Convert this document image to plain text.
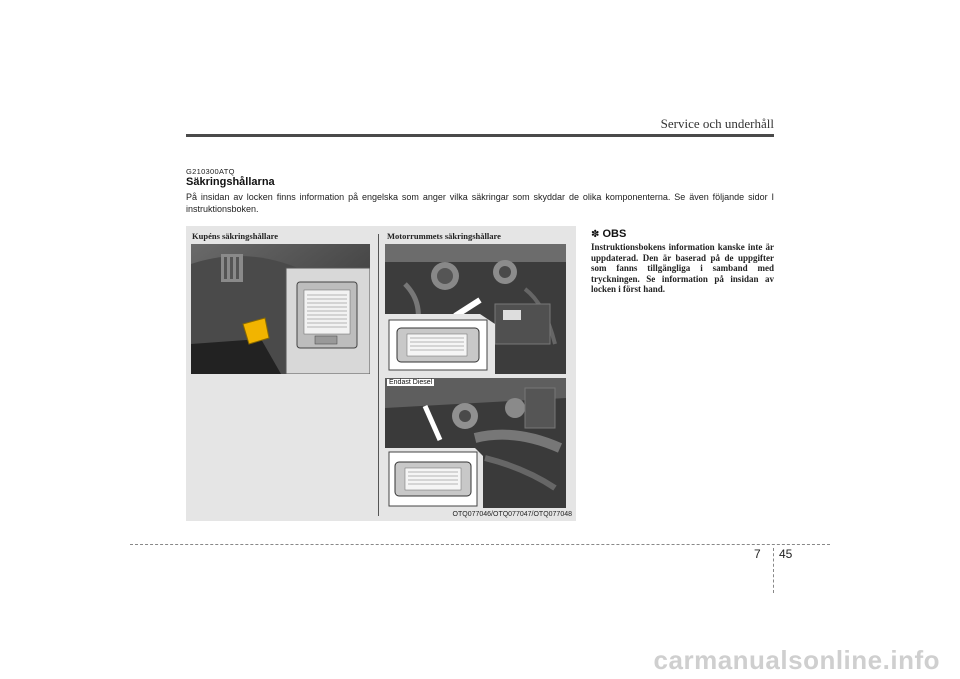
Service och underhåll
G210300ATQ
Säkringshållarna
På insidan av locken finns information på engelska som anger vilka säkringar som skyddar de olika komponenterna. Se även följande sidor I instruktionsboken.
Kupéns säkringshållare	Motorrummets säkringshållare
Endast Diesel
OTQ077046/OTQ077047/OTQ077048
✽ OBS
Instruktionsbokens information kanske inte är uppdaterad. Den är baserad på de uppgifter som fanns tillgängliga i samband med tryckningen. Se information på insidan av locken i först hand.
7 45
carmanualsonline.info
